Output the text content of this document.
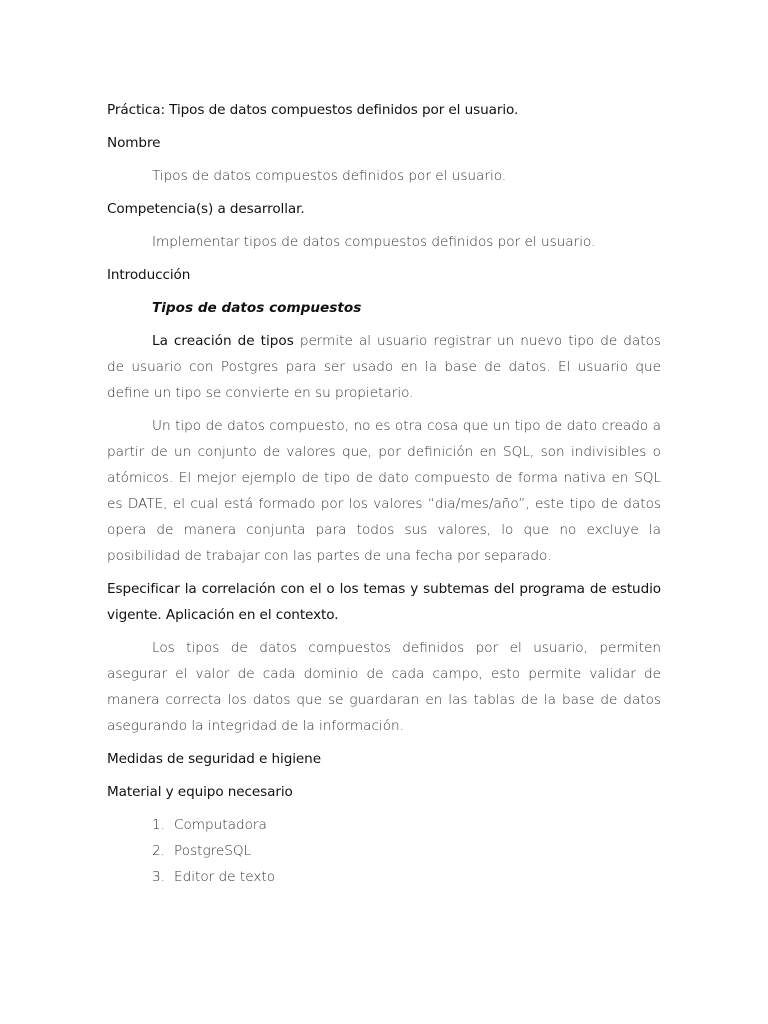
Práctica: Tipos de datos compuestos definidos por el usuario.

Nombre

Tipos de datos compuestos definidos por el usuario.

Competencia(s) a desarrollar.

Implementar tipos de datos compuestos definidos por el usuario.

Introducción

Tipos de datos compuestos

La creación de tipos permite al usuario registrar un nuevo tipo de datos de usuario con Postgres para ser usado en la base de datos. El usuario que define un tipo se convierte en su propietario.

Un tipo de datos compuesto, no es otra cosa que un tipo de dato creado a partir de un conjunto de valores que, por definición en SQL, son indivisibles o atómicos. El mejor ejemplo de tipo de dato compuesto de forma nativa en SQL es DATE, el cual está formado por los valores “dia/mes/año”, este tipo de datos opera de manera conjunta para todos sus valores, lo que no excluye la posibilidad de trabajar con las partes de una fecha por separado.

Especificar la correlación con el o los temas y subtemas del programa de estudio vigente. Aplicación en el contexto.

Los tipos de datos compuestos definidos por el usuario, permiten asegurar el valor de cada dominio de cada campo, esto permite validar de manera correcta los datos que se guardaran en las tablas de la base de datos asegurando la integridad de la información.

Medidas de seguridad e higiene

Material y equipo necesario

1. Computadora
2. PostgreSQL
3. Editor de texto
